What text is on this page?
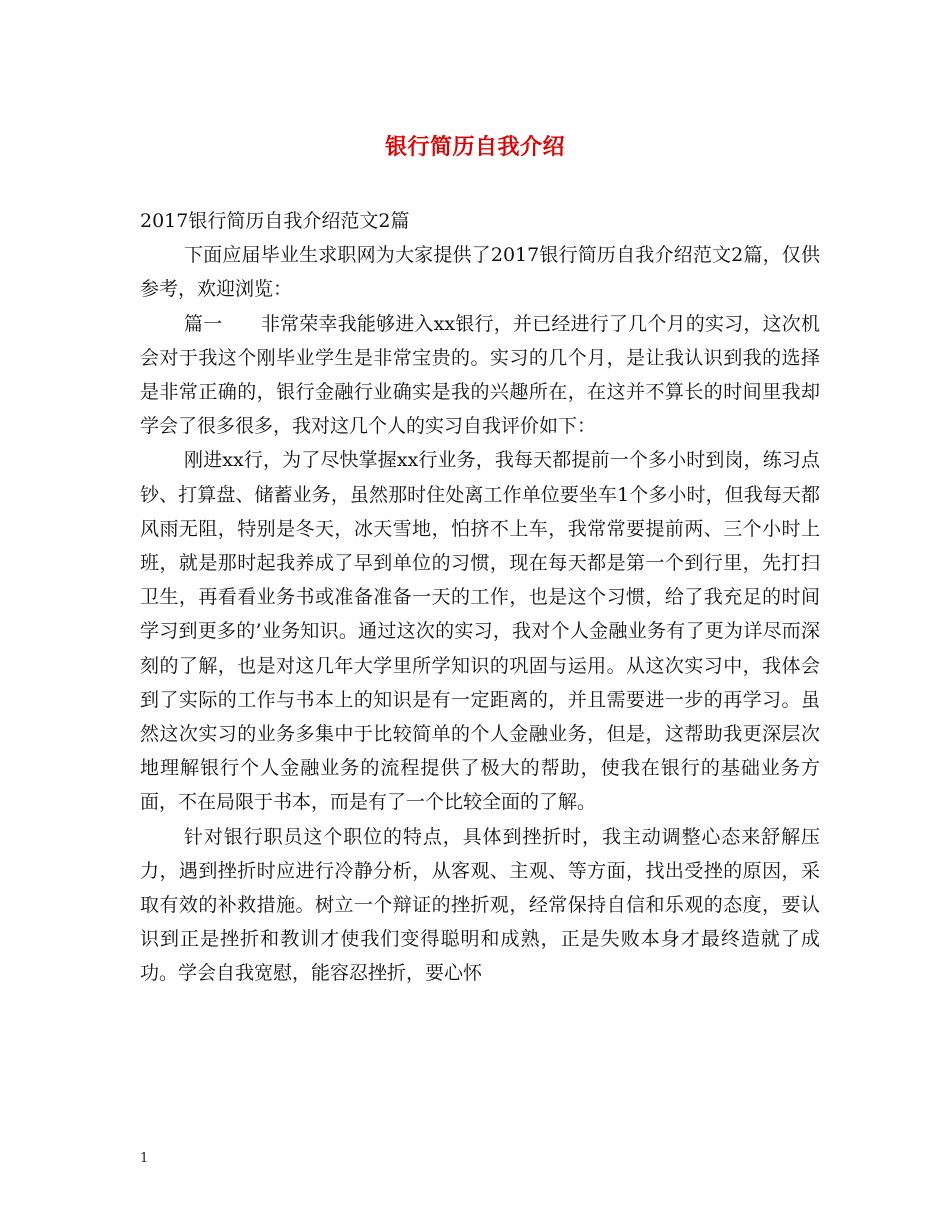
银行简历自我介绍

2017银行简历自我介绍范文2篇

下面应届毕业生求职网为大家提供了2017银行简历自我介绍范文2篇，仅供参考，欢迎浏览：

篇一　　非常荣幸我能够进入xx银行，并已经进行了几个月的实习，这次机会对于我这个刚毕业学生是非常宝贵的。实习的几个月，是让我认识到我的选择是非常正确的，银行金融行业确实是我的兴趣所在，在这并不算长的时间里我却学会了很多很多，我对这几个人的实习自我评价如下：

刚进xx行，为了尽快掌握xx行业务，我每天都提前一个多小时到岗，练习点钞、打算盘、储蓄业务，虽然那时住处离工作单位要坐车1个多小时，但我每天都风雨无阻，特别是冬天，冰天雪地，怕挤不上车，我常常要提前两、三个小时上班，就是那时起我养成了早到单位的习惯，现在每天都是第一个到行里，先打扫卫生，再看看业务书或准备准备一天的工作，也是这个习惯，给了我充足的时间学习到更多的’业务知识。通过这次的实习，我对个人金融业务有了更为详尽而深刻的了解，也是对这几年大学里所学知识的巩固与运用。从这次实习中，我体会到了实际的工作与书本上的知识是有一定距离的，并且需要进一步的再学习。虽然这次实习的业务多集中于比较简单的个人金融业务，但是，这帮助我更深层次地理解银行个人金融业务的流程提供了极大的帮助，使我在银行的基础业务方面，不在局限于书本，而是有了一个比较全面的了解。

针对银行职员这个职位的特点，具体到挫折时，我主动调整心态来舒解压力，遇到挫折时应进行冷静分析，从客观、主观、等方面，找出受挫的原因，采取有效的补救措施。树立一个辩证的挫折观，经常保持自信和乐观的态度，要认识到正是挫折和教训才使我们变得聪明和成熟，正是失败本身才最终造就了成功。学会自我宽慰，能容忍挫折，要心怀

1
